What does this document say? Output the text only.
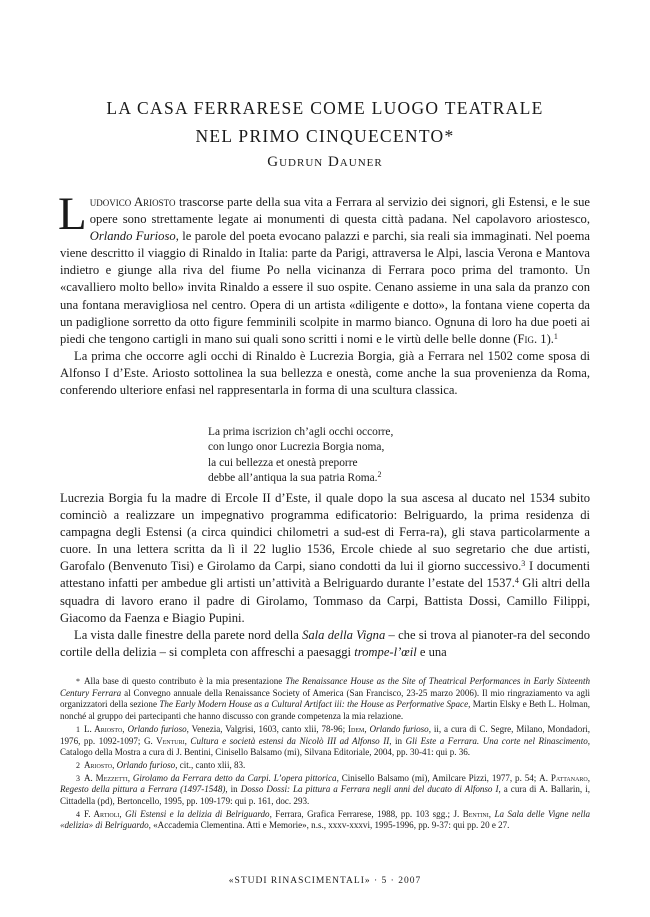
LA CASA FERRARESE COME LUOGO TEATRALE
NEL PRIMO CINQUECENTO*
Gudrun Dauner

Ludovico Ariosto trascorse parte della sua vita a Ferrara al servizio dei signori, gli Estensi, e le sue opere sono strettamente legate ai monumenti di questa città padana. Nel capolavoro ariostesco, Orlando Furioso, le parole del poeta evocano palazzi e parchi, sia reali sia immaginati. Nel poema viene descritto il viaggio di Rinaldo in Italia: parte da Parigi, attraversa le Alpi, lascia Verona e Mantova indietro e giunge alla riva del fiume Po nella vicinanza di Ferrara poco prima del tramonto. Un «cavalliero molto bello» invita Rinaldo a essere il suo ospite. Cenano assieme in una sala da pranzo con una fontana meravigliosa nel centro. Opera di un artista «diligente e dotto», la fontana viene coperta da un padiglione sorretto da otto figure femminili scolpite in marmo bianco. Ognuna di loro ha due poeti ai piedi che tengono cartigli in mano sui quali sono scritti i nomi e le virtù delle belle donne (Fig. 1).$^1$

La prima che occorre agli occhi di Rinaldo è Lucrezia Borgia, già a Ferrara nel 1502 come sposa di Alfonso I d’Este. Ariosto sottolinea la sua bellezza e onestà, come anche la sua provenienza da Roma, conferendo ulteriore enfasi nel rappresentarla in forma di una scultura classica.

La prima iscrizion ch’agli occhi occorre,
con lungo onor Lucrezia Borgia noma,
la cui bellezza et onestà preporre
debbe all’antiqua la sua patria Roma.$^2$

Lucrezia Borgia fu la madre di Ercole II d’Este, il quale dopo la sua ascesa al ducato nel 1534 subito cominciò a realizzare un impegnativo programma edificatorio: Belriguardo, la prima residenza di campagna degli Estensi (a circa quindici chilometri a sud-est di Ferra-ra), gli stava particolarmente a cuore. In una lettera scritta da lì il 22 luglio 1536, Ercole chiede al suo segretario che due artisti, Garofalo (Benvenuto Tisi) e Girolamo da Carpi, siano condotti da lui il giorno successivo.$^3$ I documenti attestano infatti per ambedue gli artisti un’attività a Belriguardo durante l’estate del 1537.$^4$ Gli altri della squadra di lavoro erano il padre di Girolamo, Tommaso da Carpi, Battista Dossi, Camillo Filippi, Giacomo da Faenza e Biagio Pupini.

La vista dalle finestre della parete nord della Sala della Vigna – che si trova al pianoter-ra del secondo cortile della delizia – si completa con affreschi a paesaggi trompe-l’œil e una

* Alla base di questo contributo è la mia presentazione The Renaissance House as the Site of Theatrical Performances in Early Sixteenth Century Ferrara al Convegno annuale della Renaissance Society of America (San Francisco, 23-25 marzo 2006). Il mio ringraziamento va agli organizzatori della sezione The Early Modern House as a Cultural Artifact iii: the House as Performative Space, Martin Elsky e Beth L. Holman, nonché al gruppo dei partecipanti che hanno discusso con grande competenza la mia relazione.

1 L. Ariosto, Orlando furioso, Venezia, Valgrisi, 1603, canto xlii, 78-96; Idem, Orlando furioso, ii, a cura di C. Segre, Milano, Mondadori, 1976, pp. 1092-1097; G. Venturi, Cultura e società estensi da Nicolò III ad Alfonso II, in Gli Este a Ferrara. Una corte nel Rinascimento, Catalogo della Mostra a cura di J. Bentini, Cinisello Balsamo (mi), Silvana Editoriale, 2004, pp. 30-41: qui p. 36.

2 Ariosto, Orlando furioso, cit., canto xlii, 83.

3 A. Mezzetti, Girolamo da Ferrara detto da Carpi. L’opera pittorica, Cinisello Balsamo (mi), Amilcare Pizzi, 1977, p. 54; A. Pattanaro, Regesto della pittura a Ferrara (1497-1548), in Dosso Dossi: La pittura a Ferrara negli anni del ducato di Alfonso I, a cura di A. Ballarin, i, Cittadella (pd), Bertoncello, 1995, pp. 109-179: qui p. 161, doc. 293.

4 F. Artioli, Gli Estensi e la delizia di Belriguardo, Ferrara, Grafica Ferrarese, 1988, pp. 103 sgg.; J. Bentini, La Sala delle Vigne nella «delizia» di Belriguardo, «Accademia Clementina. Atti e Memorie», n.s., xxxv-xxxvi, 1995-1996, pp. 9-37: qui pp. 20 e 27.

«STUDI RINASCIMENTALI» · 5 · 2007
